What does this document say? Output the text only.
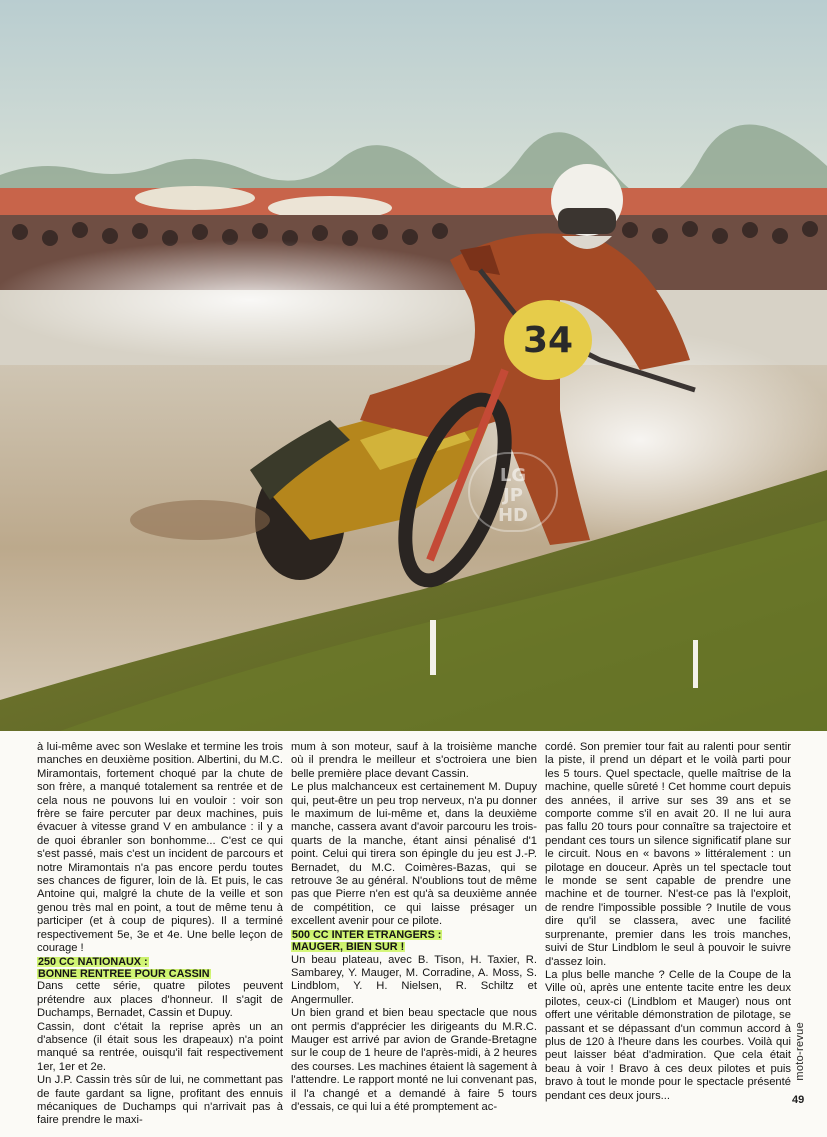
34
LG
JP
HD

à lui-même avec son Weslake et termine les trois manches en deuxième position. Albertini, du M.C. Miramontais, fortement choqué par la chute de son frère, a manqué totalement sa rentrée et de cela nous ne pouvons lui en vouloir : voir son frère se faire percuter par deux machines, puis évacuer à vitesse grand V en ambulance : il y a de quoi ébranler son bonhomme... C'est ce qui s'est passé, mais c'est un incident de parcours et notre Miramontais n'a pas encore perdu toutes ses chances de figurer, loin de là. Et puis, le cas Antoine qui, malgré la chute de la veille et son genou très mal en point, a tout de même tenu à participer (et à coup de piqures). Il a terminé respectivement 5e, 3e et 4e. Une belle leçon de courage !

250 CC NATIONAUX :
BONNE RENTREE POUR CASSIN

Dans cette série, quatre pilotes peuvent prétendre aux places d'honneur. Il s'agit de Duchamps, Bernadet, Cassin et Dupuy.

Cassin, dont c'était la reprise après un an d'absence (il était sous les drapeaux) n'a point manqué sa rentrée, ouisqu'il fait respectivement 1er, 1er et 2e.

Un J.P. Cassin très sûr de lui, ne commettant pas de faute gardant sa ligne, profitant des ennuis mécaniques de Duchamps qui n'arrivait pas à faire prendre le maxi-

mum à son moteur, sauf à la troisième manche où il prendra le meilleur et s'octroiera une bien belle première place devant Cassin.

Le plus malchanceux est certainement M. Dupuy qui, peut-être un peu trop nerveux, n'a pu donner le maximum de lui-même et, dans la deuxième manche, cassera avant d'avoir parcouru les trois-quarts de la manche, étant ainsi pénalisé d'1 point. Celui qui tirera son épingle du jeu est J.-P. Bernadet, du M.C. Coimères-Bazas, qui se retrouve 3e au général. N'oublions tout de même pas que Pierre n'en est qu'à sa deuxième année de compétition, ce qui laisse présager un excellent avenir pour ce pilote.

500 CC INTER ETRANGERS :
MAUGER, BIEN SUR !

Un beau plateau, avec B. Tison, H. Taxier, R. Sambarey, Y. Mauger, M. Corradine, A. Moss, S. Lindblom, Y. H. Nielsen, R. Schiltz et Angermuller.

Un bien grand et bien beau spectacle que nous ont permis d'apprécier les dirigeants du M.R.C. Mauger est arrivé par avion de Grande-Bretagne sur le coup de 1 heure de l'après-midi, à 2 heures des courses. Les machines étaient là sagement à l'attendre. Le rapport monté ne lui convenant pas, il l'a changé et a demandé à faire 5 tours d'essais, ce qui lui a été promptement ac-

cordé. Son premier tour fait au ralenti pour sentir la piste, il prend un départ et le voilà parti pour les 5 tours. Quel spectacle, quelle maîtrise de la machine, quelle sûreté ! Cet homme court depuis des années, il arrive sur ses 39 ans et se comporte comme s'il en avait 20. Il ne lui aura pas fallu 20 tours pour connaître sa trajectoire et pendant ces tours un silence significatif plane sur le circuit. Nous en « bavons » littéralement : un pilotage en douceur. Après un tel spectacle tout le monde se sent capable de prendre une machine et de tourner. N'est-ce pas là l'exploit, de rendre l'impossible possible ? Inutile de vous dire qu'il se classera, avec une facilité surprenante, premier dans les trois manches, suivi de Stur Lindblom le seul à pouvoir le suivre d'assez loin.

La plus belle manche ? Celle de la Coupe de la Ville où, après une entente tacite entre les deux pilotes, ceux-ci (Lindblom et Mauger) nous ont offert une véritable démonstration de pilotage, se passant et se dépassant d'un commun accord à plus de 120 à l'heure dans les courbes. Voilà qui peut laisser béat d'admiration. Que cela était beau à voir ! Bravo à ces deux pilotes et puis bravo à tout le monde pour le spectacle présenté pendant ces deux jours...

moto-revue
49
